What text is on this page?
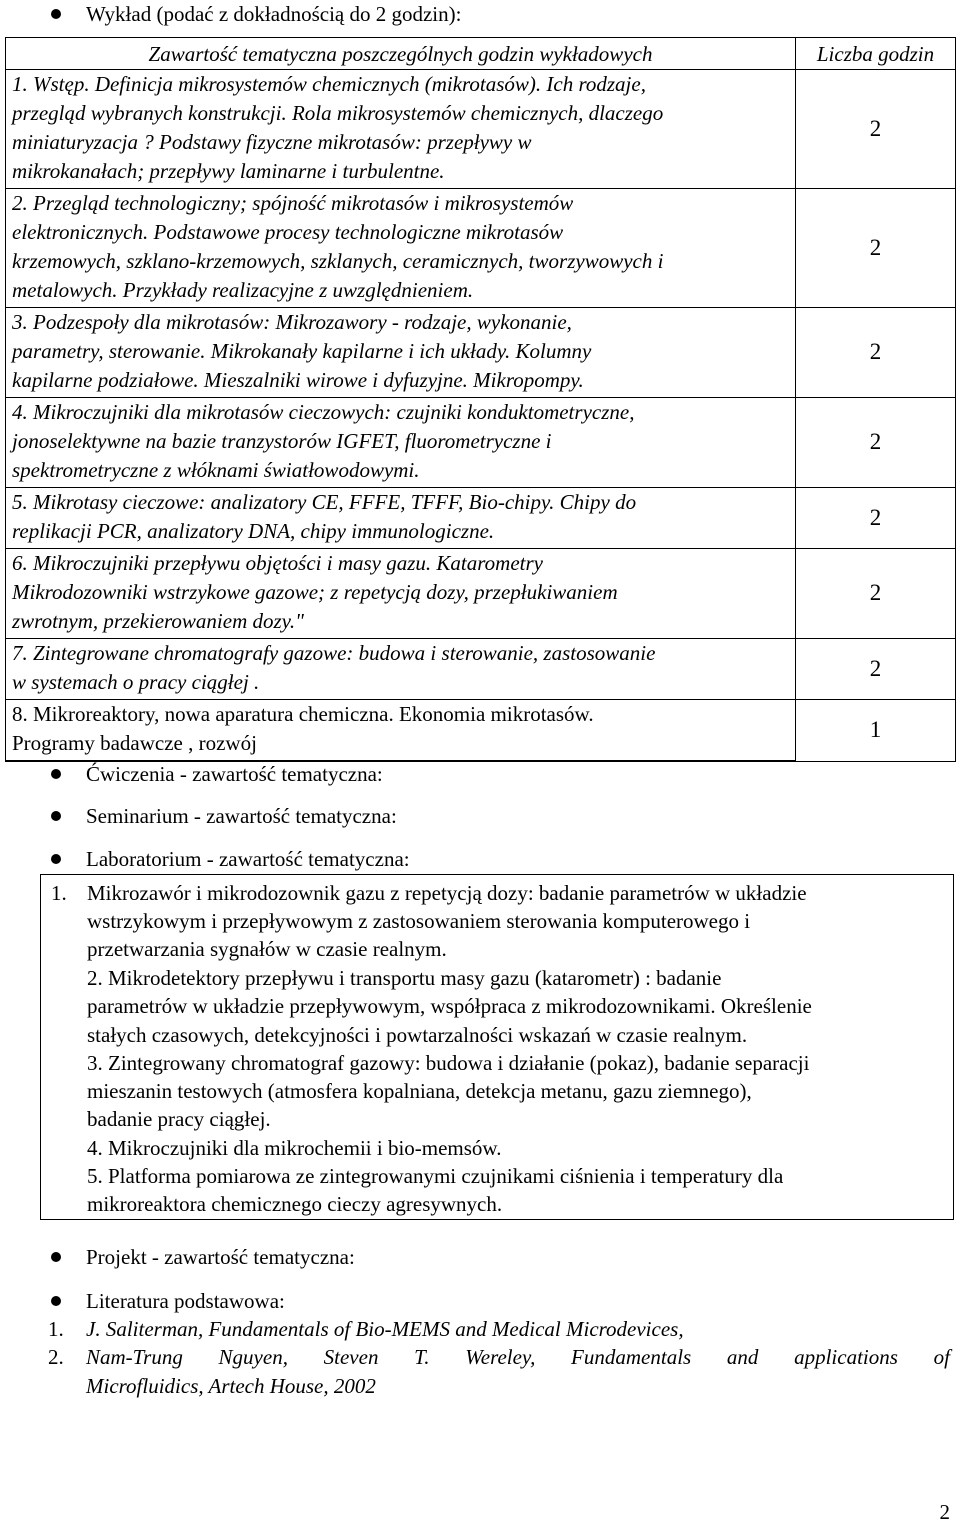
Wykład (podać z dokładnością do 2 godzin):
Zawartość tematyczna poszczególnych godzin wykładowych	Liczba godzin

1. Wstęp. Definicja mikrosystemów chemicznych (mikrotasów). Ich rodzaje,
przegląd wybranych konstrukcji. Rola mikrosystemów chemicznych, dlaczego
miniaturyzacja ? Podstawy fizyczne mikrotasów: przepływy w
mikrokanałach; przepływy laminarne i turbulentne.	2

2. Przegląd technologiczny; spójność mikrotasów i mikrosystemów
elektronicznych. Podstawowe procesy technologiczne mikrotasów
krzemowych, szklano-krzemowych, szklanych, ceramicznych, tworzywowych i
metalowych. Przykłady realizacyjne z uwzględnieniem.	2

3. Podzespoły dla mikrotasów: Mikrozawory - rodzaje, wykonanie,
parametry, sterowanie. Mikrokanały kapilarne i ich układy. Kolumny
kapilarne podziałowe. Mieszalniki wirowe i dyfuzyjne. Mikropompy.	2

4. Mikroczujniki dla mikrotasów cieczowych: czujniki konduktometryczne,
jonoselektywne na bazie tranzystorów IGFET, fluorometryczne i
spektrometryczne z włóknami światłowodowymi.	2

5. Mikrotasy cieczowe: analizatory CE, FFFE, TFFF, Bio-chipy. Chipy do
replikacji PCR, analizatory DNA, chipy immunologiczne.	2

6. Mikroczujniki przepływu objętości i masy gazu. Katarometry
Mikrodozowniki wstrzykowe gazowe; z repetycją dozy, przepłukiwaniem
zwrotnym, przekierowaniem dozy."	2

7. Zintegrowane chromatografy gazowe: budowa i sterowanie, zastosowanie
w systemach o pracy ciągłej .	2

8. Mikroreaktory, nowa aparatura chemiczna. Ekonomia mikrotasów.
Programy badawcze , rozwój	1
Ćwiczenia - zawartość tematyczna:
Seminarium - zawartość tematyczna:
Laboratorium - zawartość tematyczna:
1. Mikrozawór i mikrodozownik gazu z repetycją dozy: badanie parametrów w układzie
wstrzykowym i przepływowym z zastosowaniem sterowania komputerowego i
przetwarzania sygnałów w czasie realnym.
2. Mikrodetektory przepływu i transportu masy gazu (katarometr) : badanie
parametrów w układzie przepływowym, współpraca z mikrodozownikami. Określenie
stałych czasowych, detekcyjności i powtarzalności wskazań w czasie realnym.
3. Zintegrowany chromatograf gazowy: budowa i działanie (pokaz), badanie separacji
mieszanin testowych (atmosfera kopalniana, detekcja metanu, gazu ziemnego),
badanie pracy ciągłej.
4. Mikroczujniki dla mikrochemii i bio-memsów.
5. Platforma pomiarowa ze zintegrowanymi czujnikami ciśnienia i temperatury dla
mikroreaktora chemicznego cieczy agresywnych.
Projekt - zawartość tematyczna:
Literatura podstawowa:
1. J. Saliterman, Fundamentals of Bio-MEMS and Medical Microdevices,
2. Nam-Trung Nguyen, Steven T. Wereley, Fundamentals and applications of
Microfluidics, Artech House, 2002
2
